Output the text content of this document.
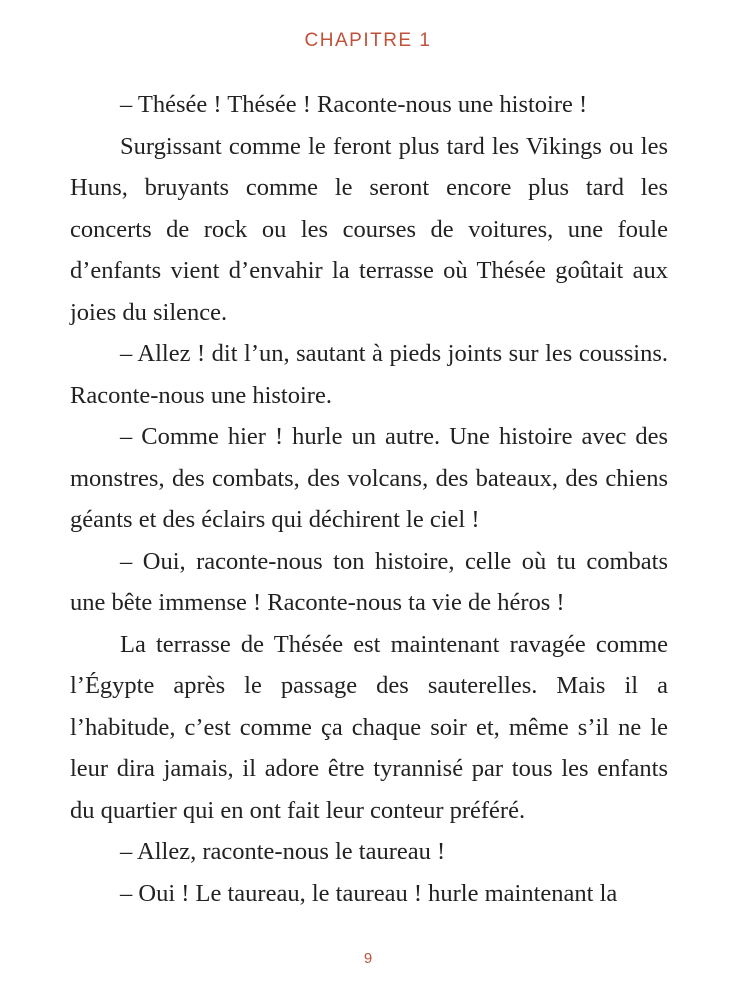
CHAPITRE 1

– Thésée ! Thésée ! Raconte-nous une histoire !

Surgissant comme le feront plus tard les Vikings ou les Huns, bruyants comme le seront encore plus tard les concerts de rock ou les courses de voitures, une foule d’enfants vient d’envahir la terrasse où Thésée goûtait aux joies du silence.

– Allez ! dit l’un, sautant à pieds joints sur les coussins. Raconte-nous une histoire.

– Comme hier ! hurle un autre. Une histoire avec des monstres, des combats, des volcans, des bateaux, des chiens géants et des éclairs qui déchirent le ciel !

– Oui, raconte-nous ton histoire, celle où tu combats une bête immense ! Raconte-nous ta vie de héros !

La terrasse de Thésée est maintenant ravagée comme l’Égypte après le passage des sauterelles. Mais il a l’habitude, c’est comme ça chaque soir et, même s’il ne le leur dira jamais, il adore être tyrannisé par tous les enfants du quartier qui en ont fait leur conteur préféré.

– Allez, raconte-nous le taureau !

– Oui ! Le taureau, le taureau ! hurle maintenant la

9
